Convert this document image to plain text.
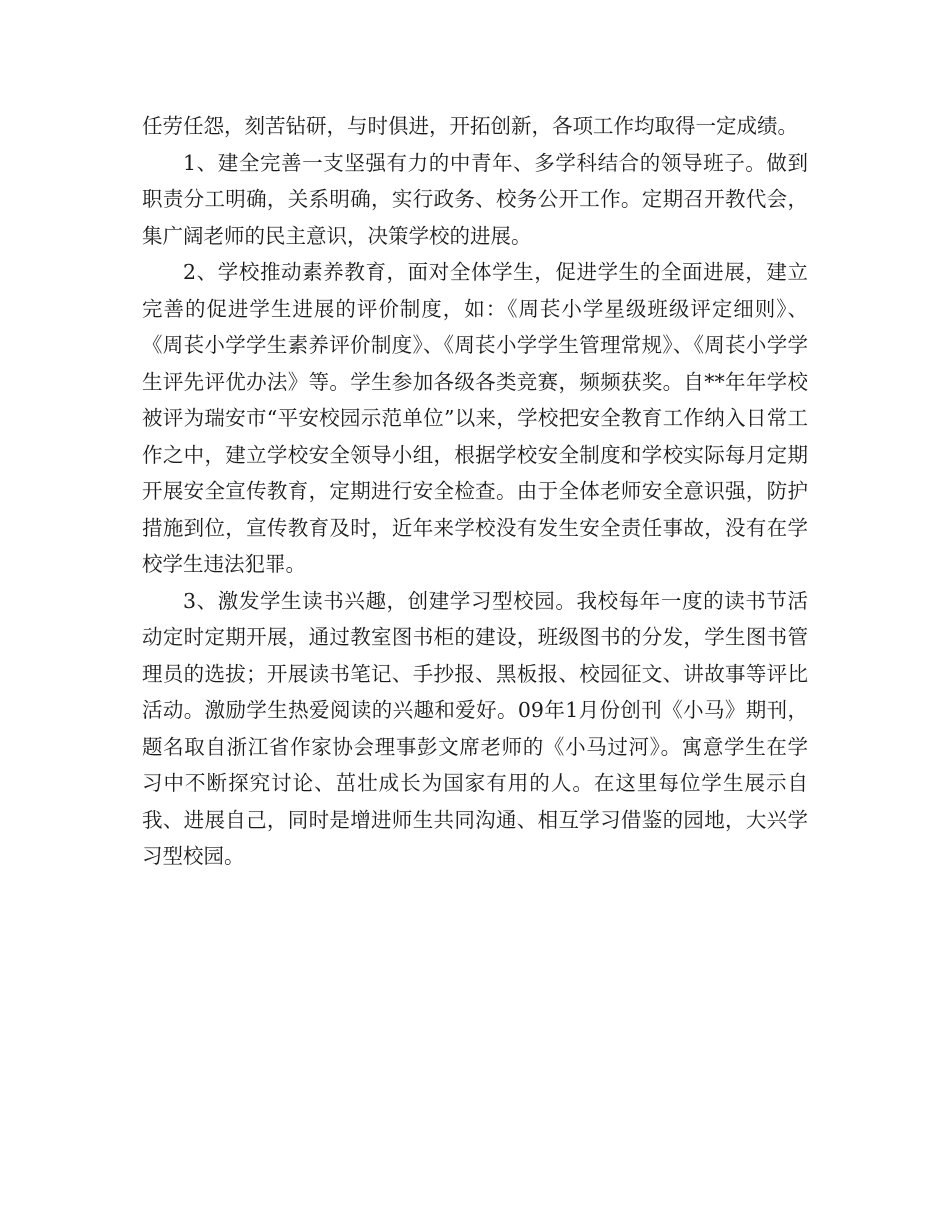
任劳任怨，刻苦钻研，与时俱进，开拓创新，各项工作均取得一定成绩。

1、建全完善一支坚强有力的中青年、多学科结合的领导班子。做到职责分工明确，关系明确，实行政务、校务公开工作。定期召开教代会，集广阔老师的民主意识，决策学校的进展。

2、学校推动素养教育，面对全体学生，促进学生的全面进展，建立完善的促进学生进展的评价制度，如：《周苌小学星级班级评定细则》、《周苌小学学生素养评价制度》、《周苌小学学生管理常规》、《周苌小学学生评先评优办法》等。学生参加各级各类竞赛，频频获奖。自**年年学校被评为瑞安市“平安校园示范单位”以来，学校把安全教育工作纳入日常工作之中，建立学校安全领导小组，根据学校安全制度和学校实际每月定期开展安全宣传教育，定期进行安全检查。由于全体老师安全意识强，防护措施到位，宣传教育及时，近年来学校没有发生安全责任事故，没有在学校学生违法犯罪。

3、激发学生读书兴趣，创建学习型校园。我校每年一度的读书节活动定时定期开展，通过教室图书柜的建设，班级图书的分发，学生图书管理员的选拔；开展读书笔记、手抄报、黑板报、校园征文、讲故事等评比活动。激励学生热爱阅读的兴趣和爱好。09年1月份创刊《小马》期刊，题名取自浙江省作家协会理事彭文席老师的《小马过河》。寓意学生在学习中不断探究讨论、茁壮成长为国家有用的人。在这里每位学生展示自我、进展自己，同时是增进师生共同沟通、相互学习借鉴的园地，大兴学习型校园。
